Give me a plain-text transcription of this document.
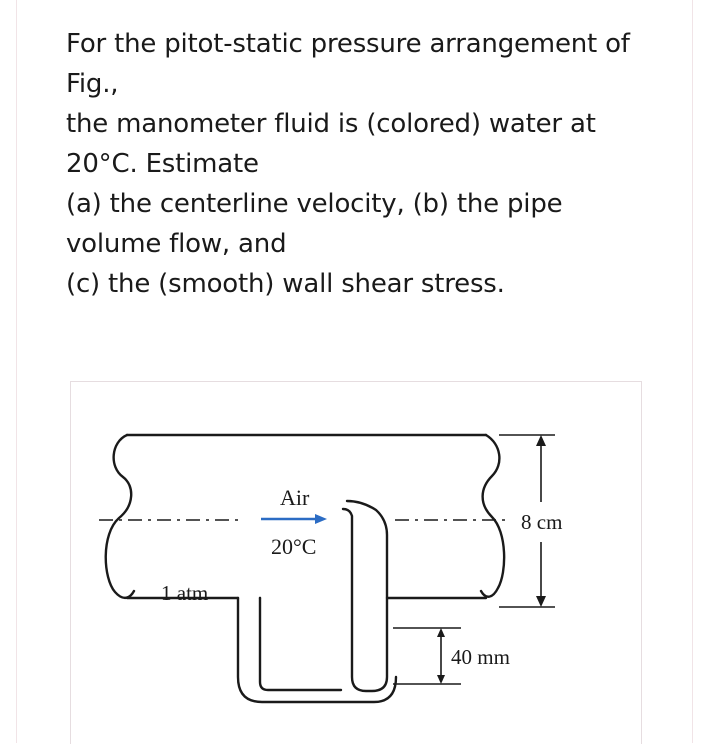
For the pitot-static pressure arrangement of
Fig.,
the manometer fluid is (colored) water at
20°C. Estimate
(a) the centerline velocity, (b) the pipe
volume flow, and
(c) the (smooth) wall shear stress.
Air
20°C
1 atm
8 cm
40 mm
